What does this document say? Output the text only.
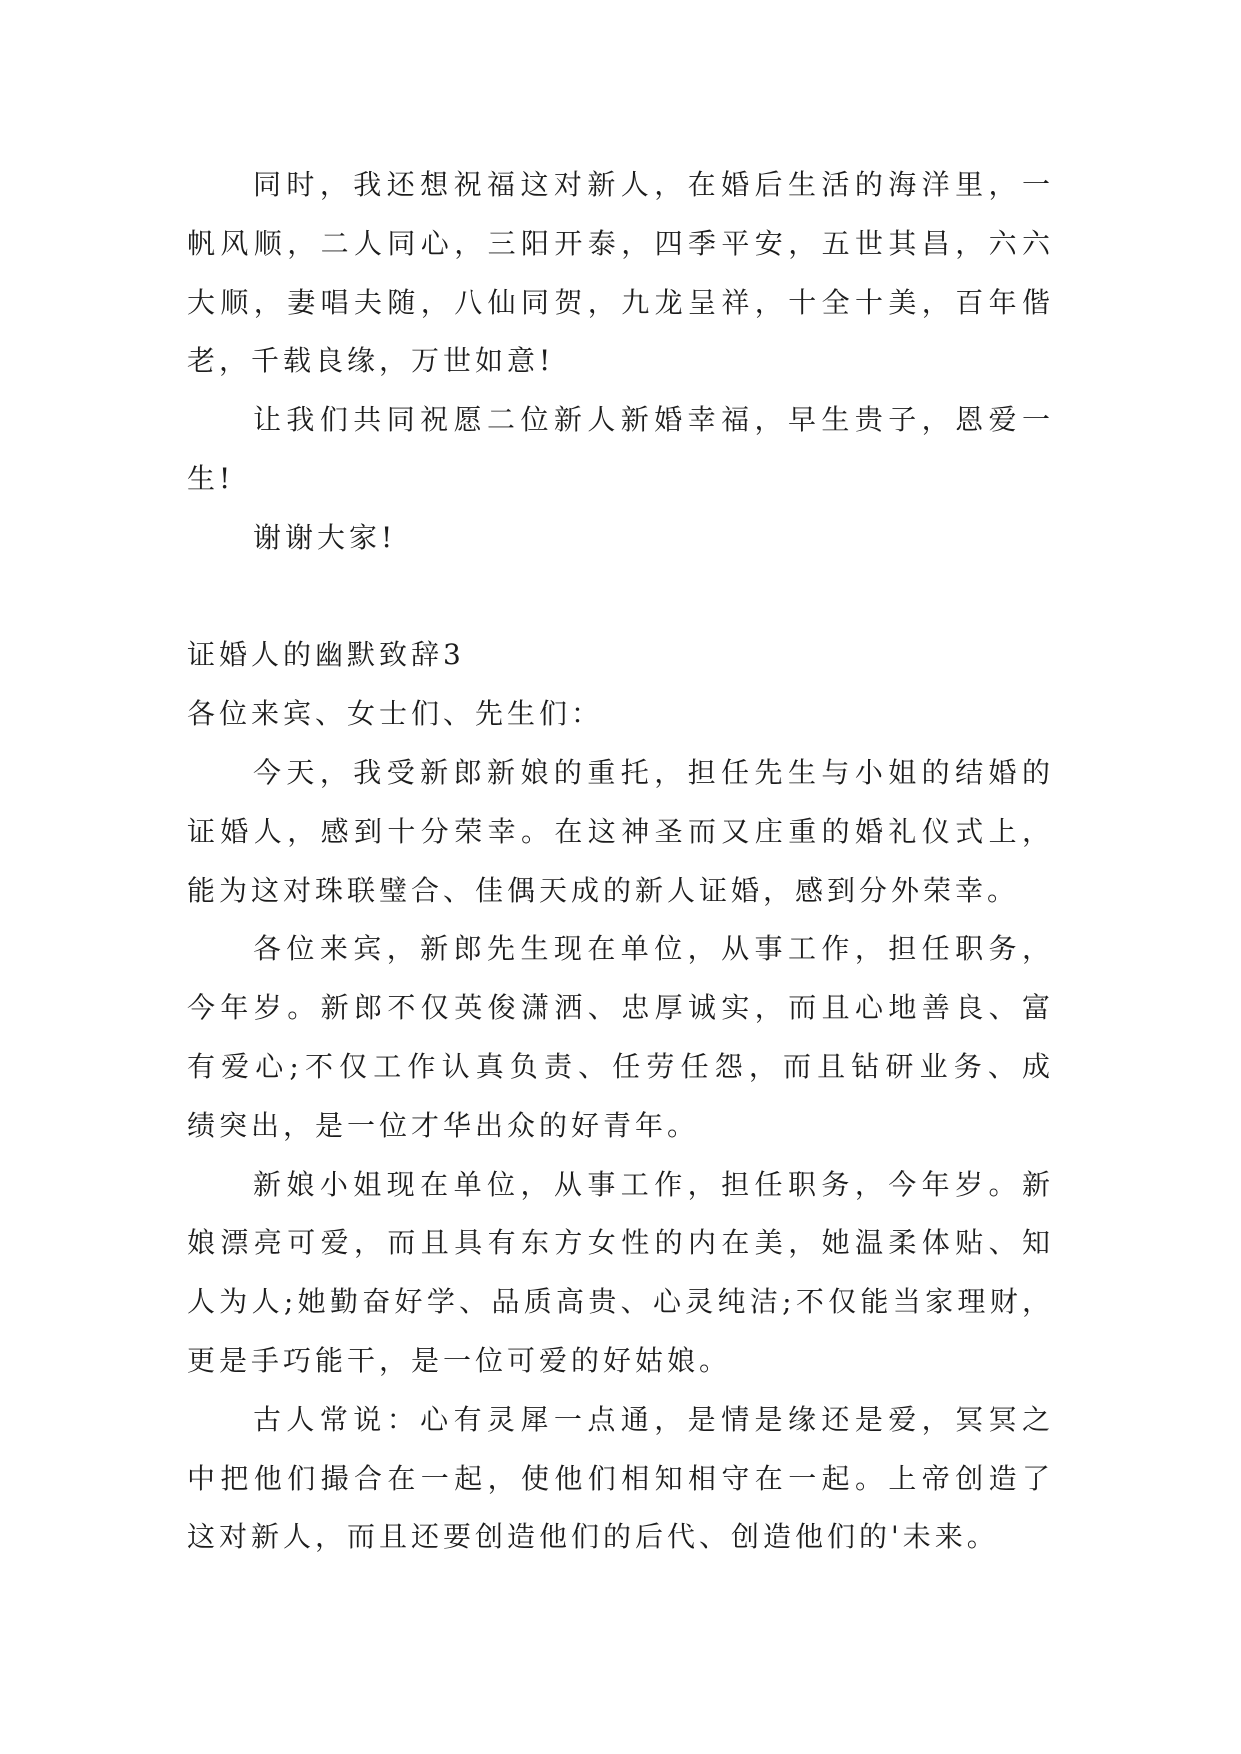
同时，我还想祝福这对新人，在婚后生活的海洋里，一
帆风顺，二人同心，三阳开泰，四季平安，五世其昌，六六
大顺，妻唱夫随，八仙同贺，九龙呈祥，十全十美，百年偕
老，千载良缘，万世如意!
让我们共同祝愿二位新人新婚幸福，早生贵子，恩爱一
生!
谢谢大家!
证婚人的幽默致辞3
各位来宾、女士们、先生们：
今天，我受新郎新娘的重托，担任先生与小姐的结婚的
证婚人，感到十分荣幸。在这神圣而又庄重的婚礼仪式上，
能为这对珠联璧合、佳偶天成的新人证婚，感到分外荣幸。
各位来宾，新郎先生现在单位，从事工作，担任职务，
今年岁。新郎不仅英俊潇洒、忠厚诚实，而且心地善良、富
有爱心;不仅工作认真负责、任劳任怨，而且钻研业务、成
绩突出，是一位才华出众的好青年。
新娘小姐现在单位，从事工作，担任职务，今年岁。新
娘漂亮可爱，而且具有东方女性的内在美，她温柔体贴、知
人为人;她勤奋好学、品质高贵、心灵纯洁;不仅能当家理财，
更是手巧能干，是一位可爱的好姑娘。
古人常说：心有灵犀一点通，是情是缘还是爱，冥冥之
中把他们撮合在一起，使他们相知相守在一起。上帝创造了
这对新人，而且还要创造他们的后代、创造他们的'未来。
